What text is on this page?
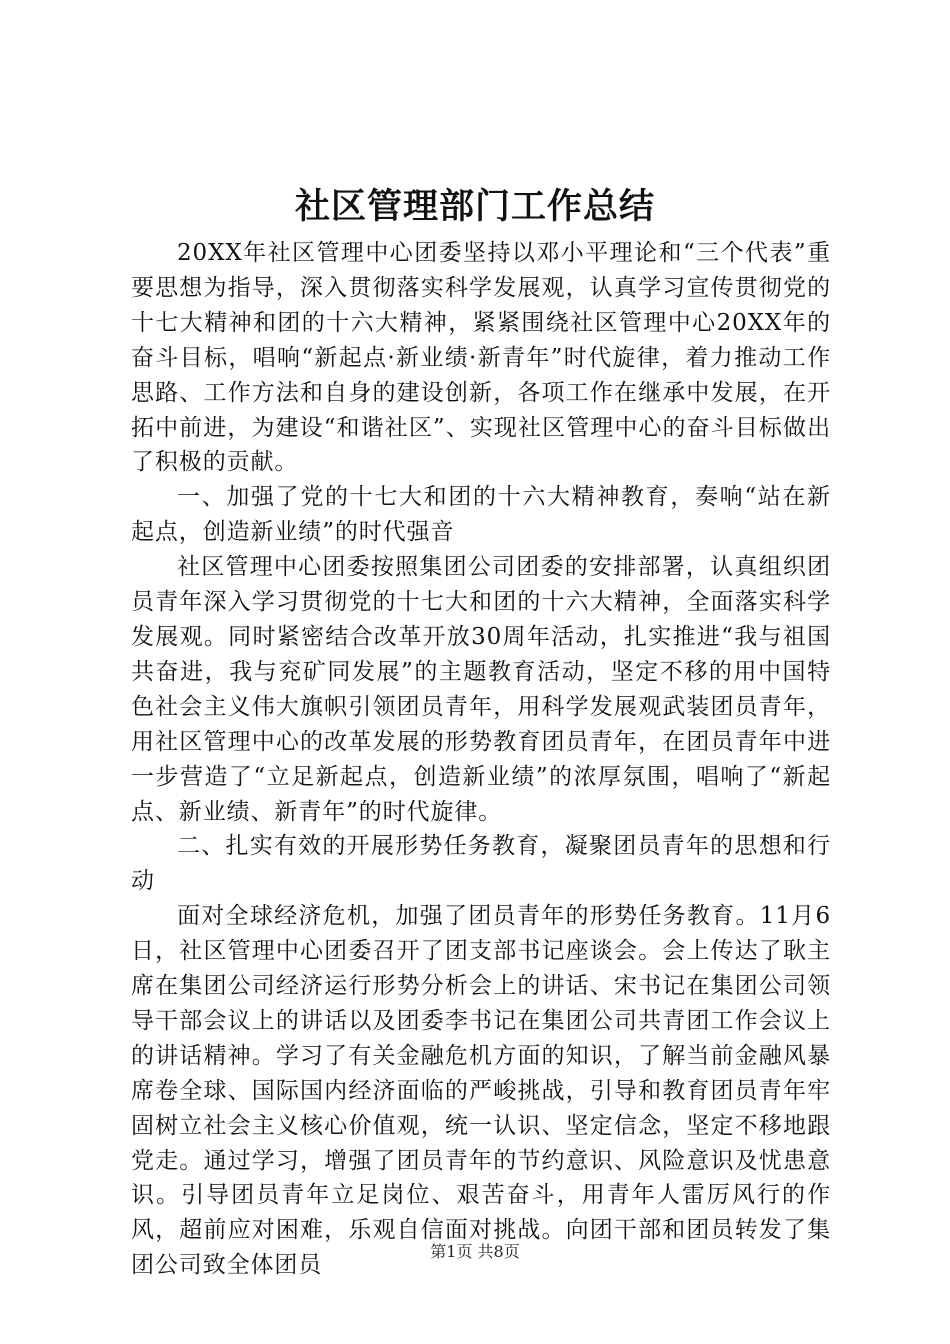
社区管理部门工作总结

20XX年社区管理中心团委坚持以邓小平理论和“三个代表”重要思想为指导，深入贯彻落实科学发展观，认真学习宣传贯彻党的十七大精神和团的十六大精神，紧紧围绕社区管理中心20XX年的奋斗目标，唱响“新起点·新业绩·新青年”时代旋律，着力推动工作思路、工作方法和自身的建设创新，各项工作在继承中发展，在开拓中前进，为建设“和谐社区”、实现社区管理中心的奋斗目标做出了积极的贡献。

一、加强了党的十七大和团的十六大精神教育，奏响“站在新起点，创造新业绩”的时代强音

社区管理中心团委按照集团公司团委的安排部署，认真组织团员青年深入学习贯彻党的十七大和团的十六大精神，全面落实科学发展观。同时紧密结合改革开放30周年活动，扎实推进“我与祖国共奋进，我与兖矿同发展”的主题教育活动，坚定不移的用中国特色社会主义伟大旗帜引领团员青年，用科学发展观武装团员青年，用社区管理中心的改革发展的形势教育团员青年，在团员青年中进一步营造了“立足新起点，创造新业绩”的浓厚氛围，唱响了“新起点、新业绩、新青年”的时代旋律。

二、扎实有效的开展形势任务教育，凝聚团员青年的思想和行动

面对全球经济危机，加强了团员青年的形势任务教育。11月6日，社区管理中心团委召开了团支部书记座谈会。会上传达了耿主席在集团公司经济运行形势分析会上的讲话、宋书记在集团公司领导干部会议上的讲话以及团委李书记在集团公司共青团工作会议上的讲话精神。学习了有关金融危机方面的知识，了解当前金融风暴席卷全球、国际国内经济面临的严峻挑战，引导和教育团员青年牢固树立社会主义核心价值观，统一认识、坚定信念，坚定不移地跟党走。通过学习，增强了团员青年的节约意识、风险意识及忧患意识。引导团员青年立足岗位、艰苦奋斗，用青年人雷厉风行的作风，超前应对困难，乐观自信面对挑战。向团干部和团员转发了集团公司致全体团员

第1页 共8页
